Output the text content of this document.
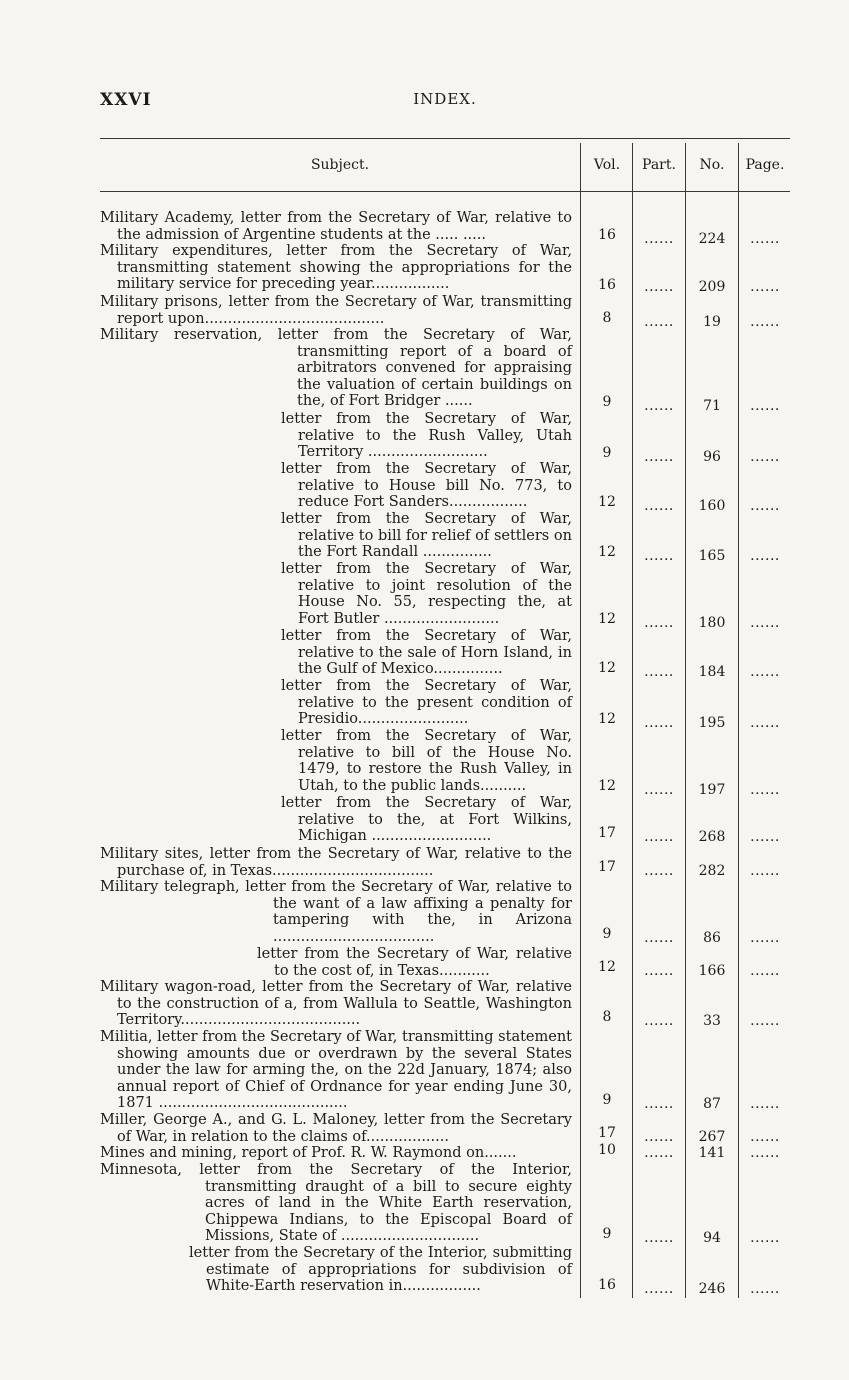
XXVI	INDEX.
Subject.	Vol.	Part.	No.	Page.
Military Academy, letter from the Secretary of War, relative to the admission of Argentine students at the ..... .....	16	......	224	......
Military expenditures, letter from the Secretary of War, transmitting statement showing the appropriations for the military service for preceding year.................	16	......	209	......
Military prisons, letter from the Secretary of War, transmitting report upon.......................................	8	......	19	......
Military reservation, letter from the Secretary of War, transmitting report of a board of arbitrators convened for appraising the valuation of certain buildings on the, of Fort Bridger ......	9	......	71	......
letter from the Secretary of War, relative to the Rush Valley, Utah Territory ..........................	9	......	96	......
letter from the Secretary of War, relative to House bill No. 773, to reduce Fort Sanders.................	12	......	160	......
letter from the Secretary of War, relative to bill for relief of settlers on the Fort Randall ...............	12	......	165	......
letter from the Secretary of War, relative to joint resolution of the House No. 55, respecting the, at Fort Butler .........................	12	......	180	......
letter from the Secretary of War, relative to the sale of Horn Island, in the Gulf of Mexico...............	12	......	184	......
letter from the Secretary of War, relative to the present condition of Presidio........................	12	......	195	......
letter from the Secretary of War, relative to bill of the House No. 1479, to restore the Rush Valley, in Utah, to the public lands..........	12	......	197	......
letter from the Secretary of War, relative to the, at Fort Wilkins, Michigan ..........................	17	......	268	......
Military sites, letter from the Secretary of War, relative to the purchase of, in Texas...................................	17	......	282	......
Military telegraph, letter from the Secretary of War, relative to the want of a law affixing a penalty for tampering with the, in Arizona ...................................	9	......	86	......
letter from the Secretary of War, relative to the cost of, in Texas...........	12	......	166	......
Military wagon-road, letter from the Secretary of War, relative to the construction of a, from Wallula to Seattle, Washington Territory.......................................	8	......	33	......
Militia, letter from the Secretary of War, transmitting statement showing amounts due or overdrawn by the several States under the law for arming the, on the 22d January, 1874; also annual report of Chief of Ordnance for year ending June 30, 1871 .........................................	9	......	87	......
Miller, George A., and G. L. Maloney, letter from the Secretary of War, in relation to the claims of..................	17	......	267	......
Mines and mining, report of Prof. R. W. Raymond on.......	10	......	141	......
Minnesota, letter from the Secretary of the Interior, transmitting draught of a bill to secure eighty acres of land in the White Earth reservation, Chippewa Indians, to the Episcopal Board of Missions, State of ..............................	9	......	94	......
letter from the Secretary of the Interior, submitting estimate of appropriations for subdivision of White-Earth reservation in.................	16	......	246	......
